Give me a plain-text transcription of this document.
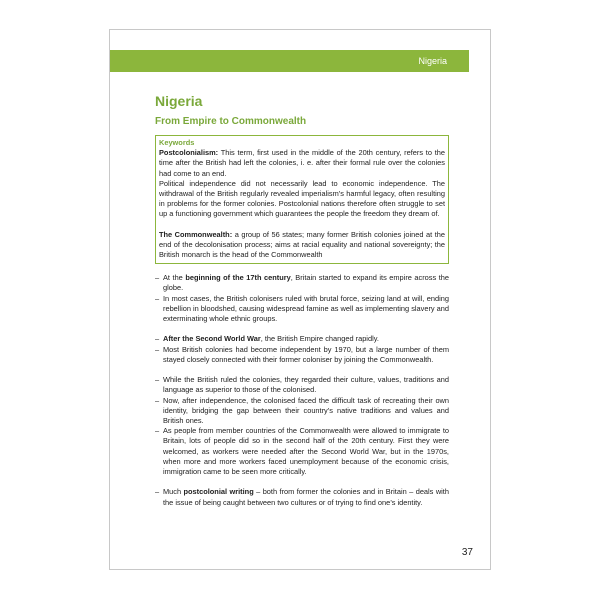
Nigeria
Nigeria
From Empire to Commonwealth
Keywords

Postcolonialism: This term, first used in the middle of the 20th century, refers to the time after the British had left the colonies, i. e. after their formal rule over the colonies had come to an end.

Political independence did not necessarily lead to economic independence. The withdrawal of the British regularly revealed imperialism’s harmful legacy, often resulting in problems for the former colonies. Postcolonial nations therefore often struggle to set up a functioning government which guarantees the people the freedom they dream of.

The Commonwealth: a group of 56 states; many former British colonies joined at the end of the decolonisation process; aims at racial equality and national sovereignty; the British monarch is the head of the Commonwealth

– At the beginning of the 17th century, Britain started to expand its empire across the globe.
– In most cases, the British colonisers ruled with brutal force, seizing land at will, ending rebellion in bloodshed, causing widespread famine as well as implementing slavery and exterminating whole ethnic groups.
– After the Second World War, the British Empire changed rapidly.
– Most British colonies had become independent by 1970, but a large number of them stayed closely connected with their former coloniser by joining the Commonwealth.
– While the British ruled the colonies, they regarded their culture, values, traditions and language as superior to those of the colonised.
– Now, after independence, the colonised faced the difficult task of recreating their own identity, bridging the gap between their country’s native traditions and values and British ones.
– As people from member countries of the Commonwealth were allowed to immigrate to Britain, lots of people did so in the second half of the 20th century. First they were welcomed, as workers were needed after the Second World War, but in the 1970s, when more and more workers faced unemployment because of the economic crisis, immigration came to be seen more critically.
– Much postcolonial writing – both from former the colonies and in Britain – deals with the issue of being caught between two cultures or of trying to find one’s identity.
37
